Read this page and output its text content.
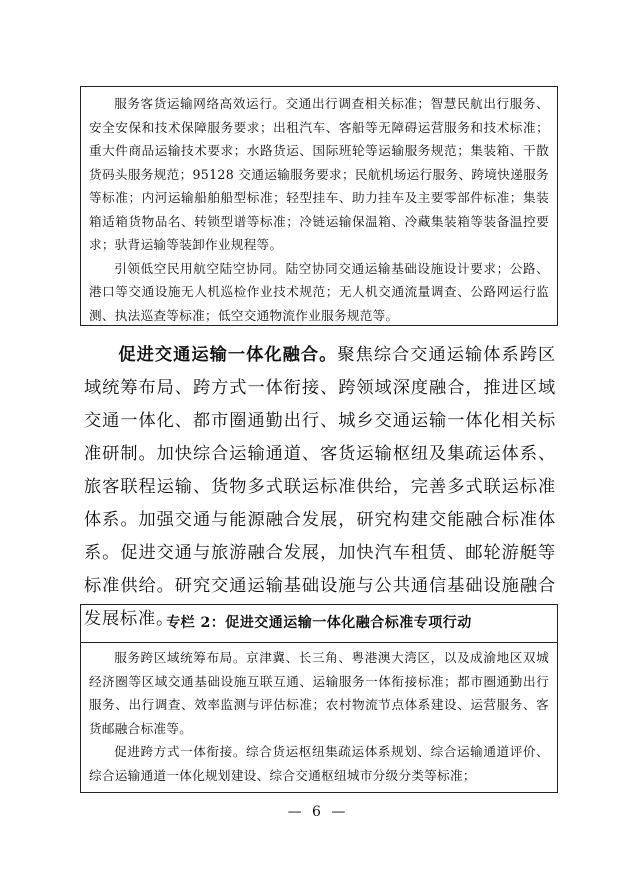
服务客货运输网络高效运行。交通出行调查相关标准；智慧民航出行服务、安全安保和技术保障服务要求；出租汽车、客船等无障碍运营服务和技术标准；重大件商品运输技术要求；水路货运、国际班轮等运输服务规范；集装箱、干散货码头服务规范；95128 交通运输服务要求；民航机场运行服务、跨境快递服务等标准；内河运输船舶船型标准；轻型挂车、助力挂车及主要零部件标准；集装箱适箱货物品名、转锁型谱等标准；冷链运输保温箱、冷藏集装箱等装备温控要求；驮背运输等装卸作业规程等。

引领低空民用航空陆空协同。陆空协同交通运输基础设施设计要求；公路、港口等交通设施无人机巡检作业技术规范；无人机交通流量调查、公路网运行监测、执法巡查等标准；低空交通物流作业服务规范等。

促进交通运输一体化融合。聚焦综合交通运输体系跨区域统筹布局、跨方式一体衔接、跨领域深度融合，推进区域交通一体化、都市圈通勤出行、城乡交通运输一体化相关标准研制。加快综合运输通道、客货运输枢纽及集疏运体系、旅客联程运输、货物多式联运标准供给，完善多式联运标准体系。加强交通与能源融合发展，研究构建交能融合标准体系。促进交通与旅游融合发展，加快汽车租赁、邮轮游艇等标准供给。研究交通运输基础设施与公共通信基础设施融合发展标准。

专栏 2：促进交通运输一体化融合标准专项行动

服务跨区域统筹布局。京津冀、长三角、粤港澳大湾区，以及成渝地区双城经济圈等区域交通基础设施互联互通、运输服务一体衔接标准；都市圈通勤出行服务、出行调查、效率监测与评估标准；农村物流节点体系建设、运营服务、客货邮融合标准等。

促进跨方式一体衔接。综合货运枢纽集疏运体系规划、综合运输通道评价、综合运输通道一体化规划建设、综合交通枢纽城市分级分类等标准；

— 6 —
